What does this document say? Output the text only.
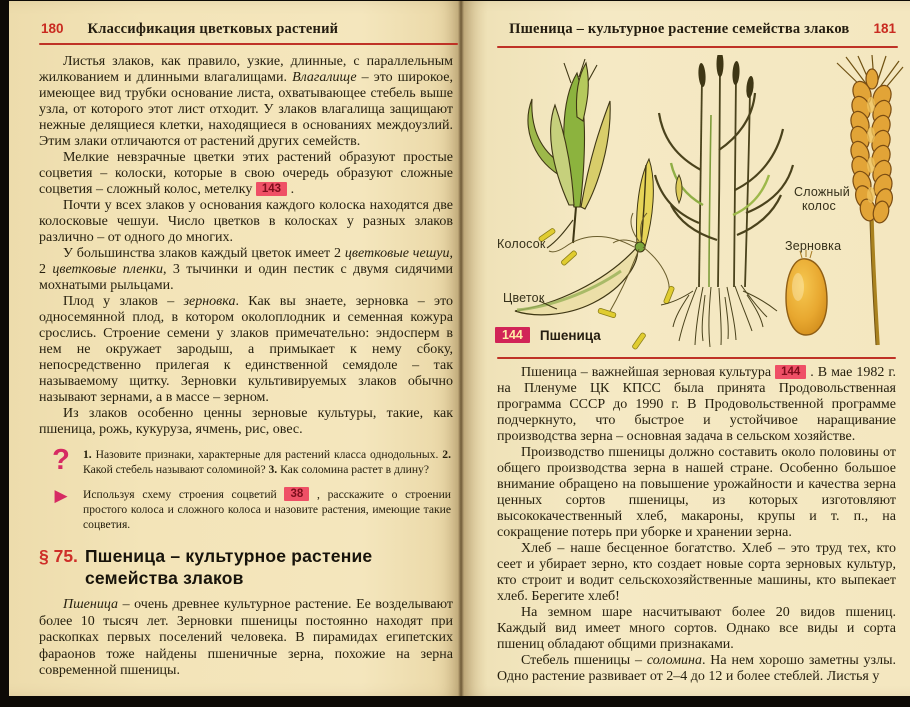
180 Классификация цветковых растений

Листья злаков, как правило, узкие, длинные, с параллельным жилкованием и длинными влагалищами. Влагалище – это широкое, имеющее вид трубки основание листа, охватывающее стебель выше узла, от которого этот лист отходит. У злаков влагалища защищают нежные делящиеся клетки, находящиеся в основаниях междоузлий. Этим злаки отличаются от растений других семейств.

Мелкие невзрачные цветки этих растений образуют простые соцветия – колоски, которые в свою очередь образуют сложные соцветия – сложный колос, метелку 143 .

Почти у всех злаков у основания каждого колоска находятся две колосковые чешуи. Число цветков в колосках у разных злаков различно – от одного до многих.

У большинства злаков каждый цветок имеет 2 цветковые чешуи, 2 цветковые пленки, 3 тычинки и один пестик с двумя сидячими мохнатыми рыльцами.

Плод у злаков – зерновка. Как вы знаете, зерновка – это односемянной плод, в котором околоплодник и семенная кожура срослись. Строение семени у злаков примечательно: эндосперм в нем не окружает зародыш, а примыкает к нему сбоку, непосредственно прилегая к единственной семядоле – так называемому щитку. Зерновки культивируемых злаков обычно называют зернами, а в массе – зерном.

Из злаков особенно ценны зерновые культуры, такие, как пшеница, рожь, кукуруза, ячмень, рис, овес.

?	1. Назовите признаки, характерные для растений класса однодольных. 2. Какой стебель называют соломиной? 3. Как соломина растет в длину?
▶	Используя схему строения соцветий 38 , расскажите о строении простого колоса и сложного колоса и назовите растения, имеющие такие соцветия.
§ 75. Пшеница – культурное растение
семейства злаков

Пшеница – очень древнее культурное растение. Ее возделывают более 10 тысяч лет. Зерновки пшеницы постоянно находят при раскопках первых поселений человека. В пирамидах египетских фараонов тоже найдены пшеничные зерна, похожие на зерна современной пшеницы.

Пшеница – культурное растение семейства злаков 181
Колосок
Цветок
Сложный
колос
Зерновка
144	Пшеница

Пшеница – важнейшая зерновая культура 144 . В мае 1982 г. на Пленуме ЦК КПСС была принята Продовольственная программа СССР до 1990 г. В Продовольственной программе подчеркнуто, что быстрое и устойчивое наращивание производства зерна – основная задача в сельском хозяйстве.

Производство пшеницы должно составить около половины от общего производства зерна в нашей стране. Особенно большое внимание обращено на повышение урожайности и качества зерна ценных сортов пшеницы, из которых изготовляют высококачественный хлеб, макароны, крупы и т. п., на сокращение потерь при уборке и хранении зерна.

Хлеб – наше бесценное богатство. Хлеб – это труд тех, кто сеет и убирает зерно, кто создает новые сорта зерновых культур, кто строит и водит сельскохозяйственные машины, кто выпекает хлеб. Берегите хлеб!

На земном шаре насчитывают более 20 видов пшениц. Каждый вид имеет много сортов. Однако все виды и сорта пшениц обладают общими признаками.

Стебель пшеницы – соломина. На нем хорошо заметны узлы. Одно растение развивает от 2–4 до 12 и более стеблей. Листья у
